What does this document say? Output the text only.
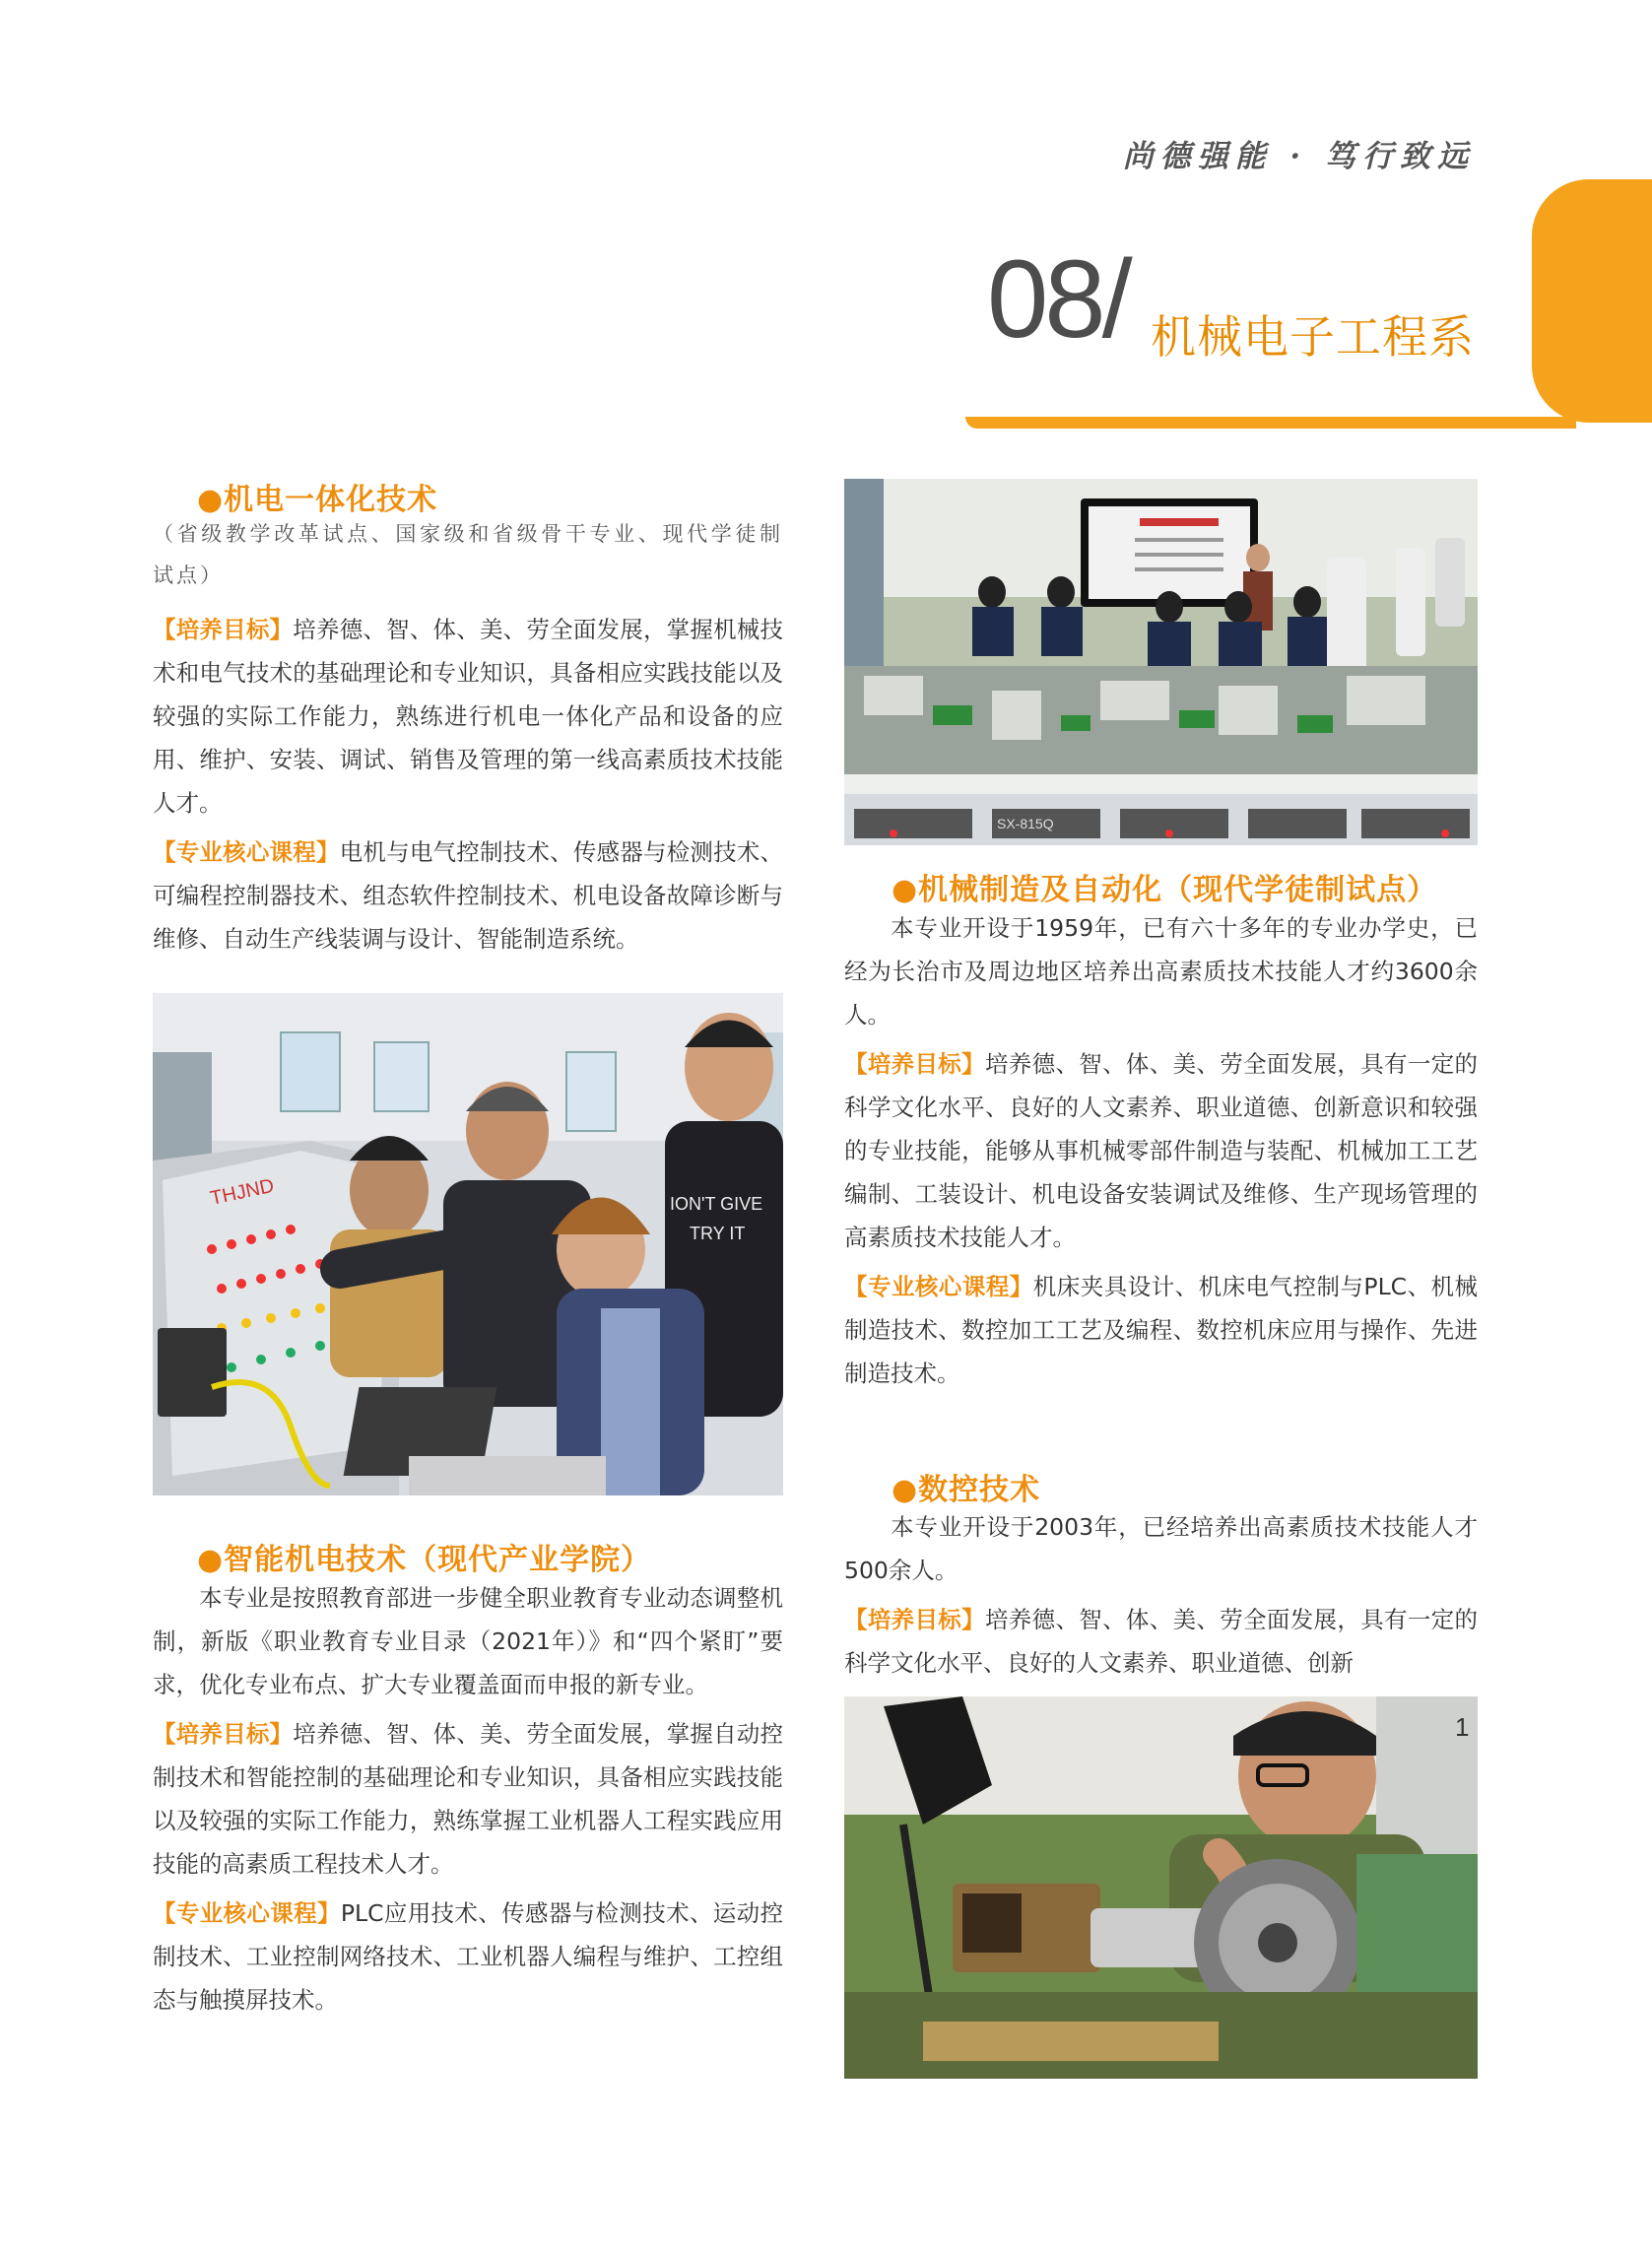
尚德强能 · 笃行致远
08/ 机械电子工程系
●机电一体化技术

（省级教学改革试点、国家级和省级骨干专业、现代学徒制试点）

【培养目标】培养德、智、体、美、劳全面发展，掌握机械技术和电气技术的基础理论和专业知识，具备相应实践技能以及较强的实际工作能力，熟练进行机电一体化产品和设备的应用、维护、安装、调试、销售及管理的第一线高素质技术技能人才。

【专业核心课程】电机与电气控制技术、传感器与检测技术、可编程控制器技术、组态软件控制技术、机电设备故障诊断与维修、自动生产线装调与设计、智能制造系统。

THJND	ION'T GIVE
TRY IT
●智能机电技术（现代产业学院）

本专业是按照教育部进一步健全职业教育专业动态调整机制，新版《职业教育专业目录（2021年）》和“四个紧盯”要求，优化专业布点、扩大专业覆盖面而申报的新专业。

【培养目标】培养德、智、体、美、劳全面发展，掌握自动控制技术和智能控制的基础理论和专业知识，具备相应实践技能以及较强的实际工作能力，熟练掌握工业机器人工程实践应用技能的高素质工程技术人才。

【专业核心课程】PLC应用技术、传感器与检测技术、运动控制技术、工业控制网络技术、工业机器人编程与维护、工控组态与触摸屏技术。

SX-815Q
●机械制造及自动化（现代学徒制试点）

本专业开设于1959年，已有六十多年的专业办学史，已经为长治市及周边地区培养出高素质技术技能人才约3600余人。

【培养目标】培养德、智、体、美、劳全面发展，具有一定的科学文化水平、良好的人文素养、职业道德、创新意识和较强的专业技能，能够从事机械零部件制造与装配、机械加工工艺编制、工装设计、机电设备安装调试及维修、生产现场管理的高素质技术技能人才。

【专业核心课程】机床夹具设计、机床电气控制与PLC、机械制造技术、数控加工工艺及编程、数控机床应用与操作、先进制造技术。

●数控技术

本专业开设于2003年，已经培养出高素质技术技能人才500余人。

【培养目标】培养德、智、体、美、劳全面发展，具有一定的科学文化水平、良好的人文素养、职业道德、创新

1
